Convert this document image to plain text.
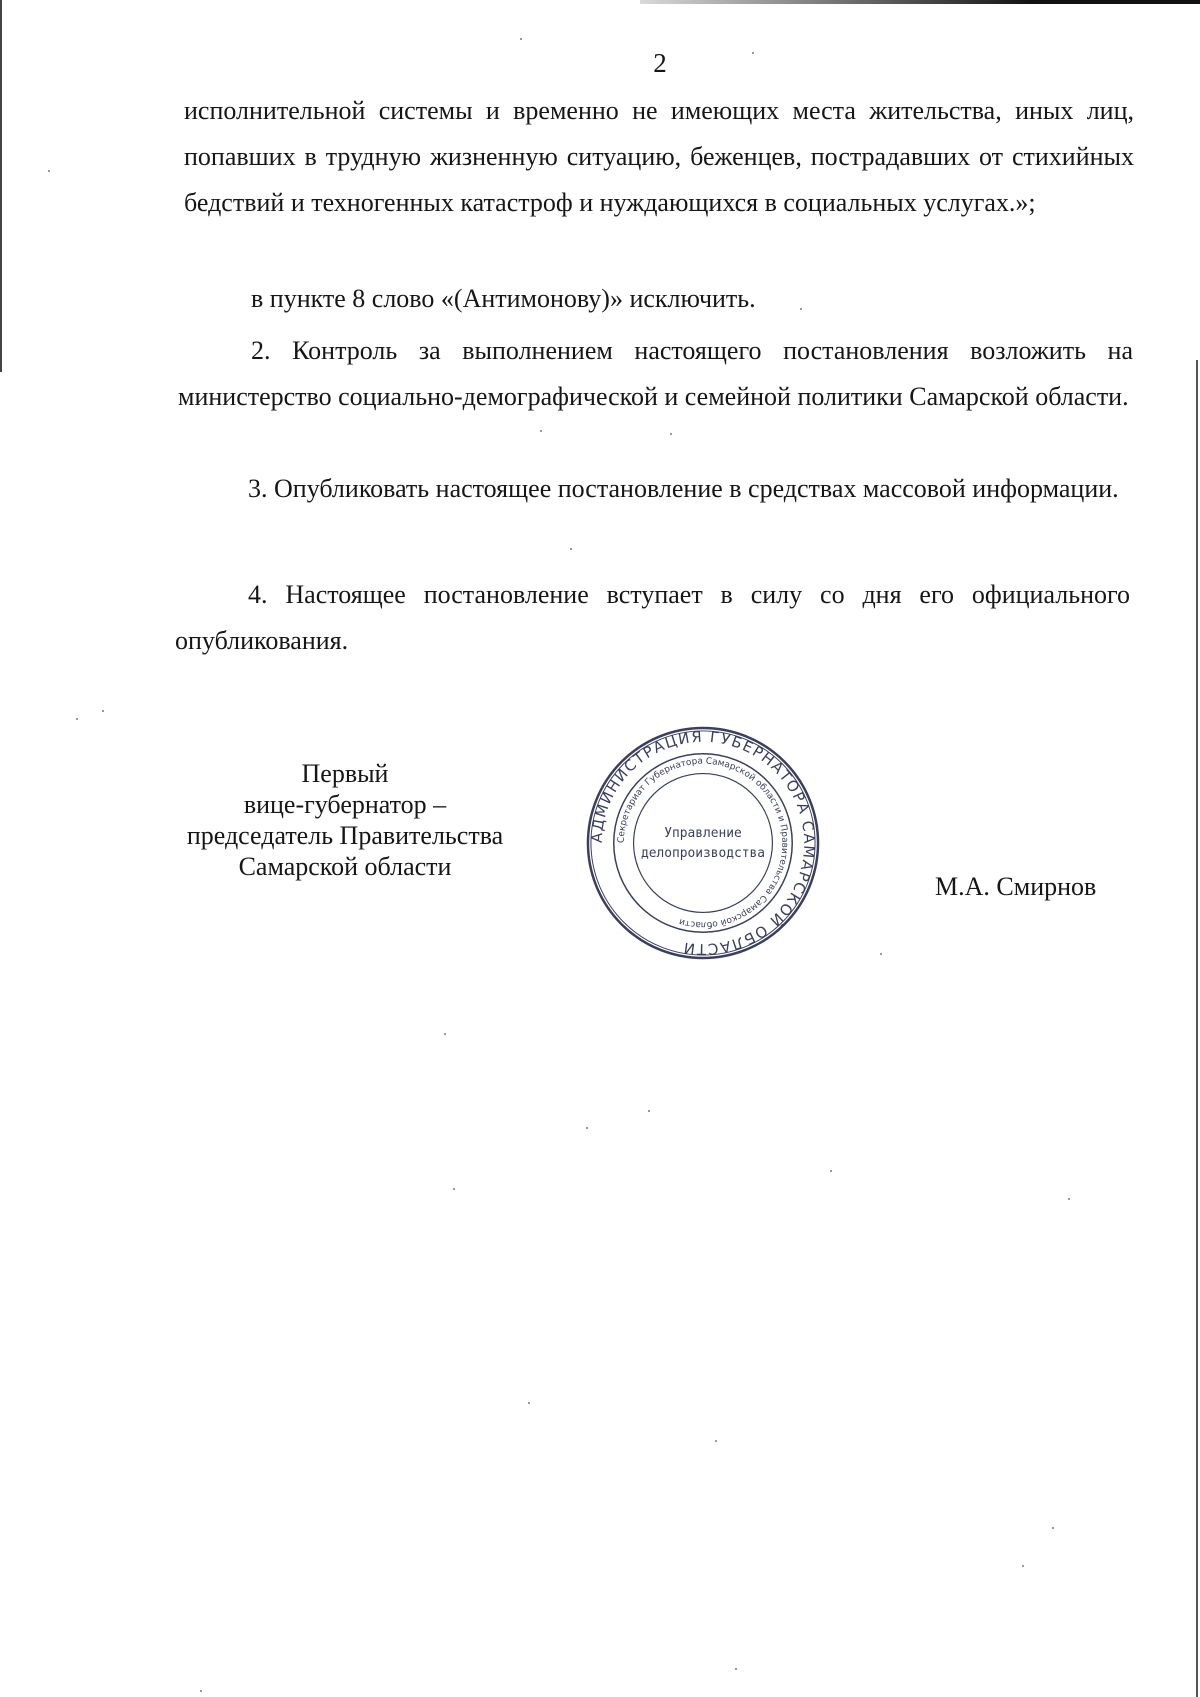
2

исполнительной системы и временно не имеющих места жительства, иных лиц, попавших в трудную жизненную ситуацию, беженцев, пострадавших от стихийных бедствий и техногенных катастроф и нуждающихся в социальных услугах.»;

в пункте 8 слово «(Антимонову)» исключить.

2. Контроль за выполнением настоящего постановления возложить на министерство социально-демографической и семейной политики Самарской области.

3. Опубликовать настоящее постановление в средствах массовой информации.

4. Настоящее постановление вступает в силу со дня его официального опубликования.

Первый
вице-губернатор –
председатель Правительства
Самарской области
АДМИНИСТРАЦИЯ ГУБЕРНАТОРА САМАРСКОЙ ОБЛАСТИ
Секретариат Губернатора Самарской области и Правительства Самарской области
Управление
делопроизводства
М.А. Смирнов
